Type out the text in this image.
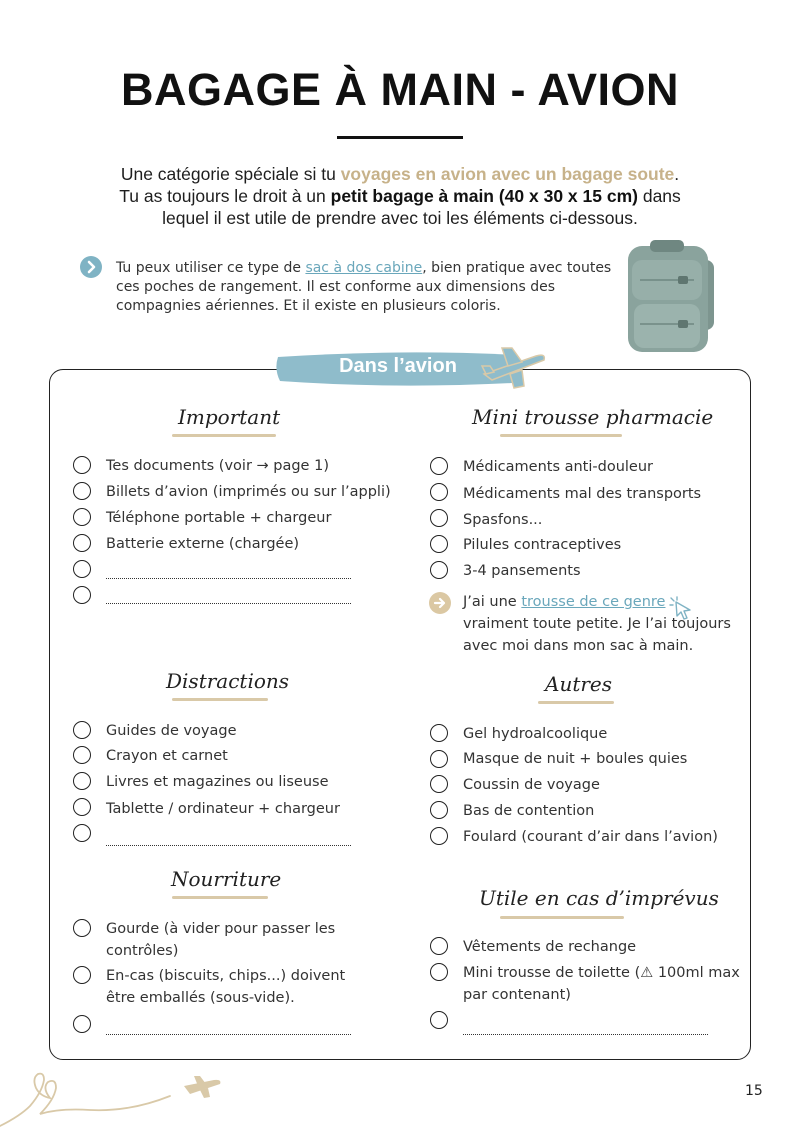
BAGAGE À MAIN - AVION
Une catégorie spéciale si tu voyages en avion avec un bagage soute.
Tu as toujours le droit à un petit bagage à main (40 x 30 x 15 cm) dans
lequel il est utile de prendre avec toi les éléments ci-dessous.
Tu peux utiliser ce type de sac à dos cabine, bien pratique avec toutes ces poches de rangement. Il est conforme aux dimensions des compagnies aériennes. Et il existe en plusieurs coloris.
Dans l’avion
Important
Tes documents (voir → page 1)
Billets d’avion (imprimés ou sur l’appli)
Téléphone portable + chargeur
Batterie externe (chargée)
Mini trousse pharmacie
Médicaments anti-douleur
Médicaments mal des transports
Spasfons...
Pilules contraceptives
3-4 pansements
J’ai une trousse de ce genre
vraiment toute petite. Je l’ai toujours
avec moi dans mon sac à main.
Distractions
Guides de voyage
Crayon et carnet
Livres et magazines ou liseuse
Tablette / ordinateur + chargeur
Autres
Gel hydroalcoolique
Masque de nuit + boules quies
Coussin de voyage
Bas de contention
Foulard (courant d’air dans l’avion)
Nourriture
Gourde (à vider pour passer les
contrôles)
En-cas (biscuits, chips...) doivent
être emballés (sous-vide).
Utile en cas d’imprévus
Vêtements de rechange
Mini trousse de toilette (⚠ 100ml max
par contenant)
15
